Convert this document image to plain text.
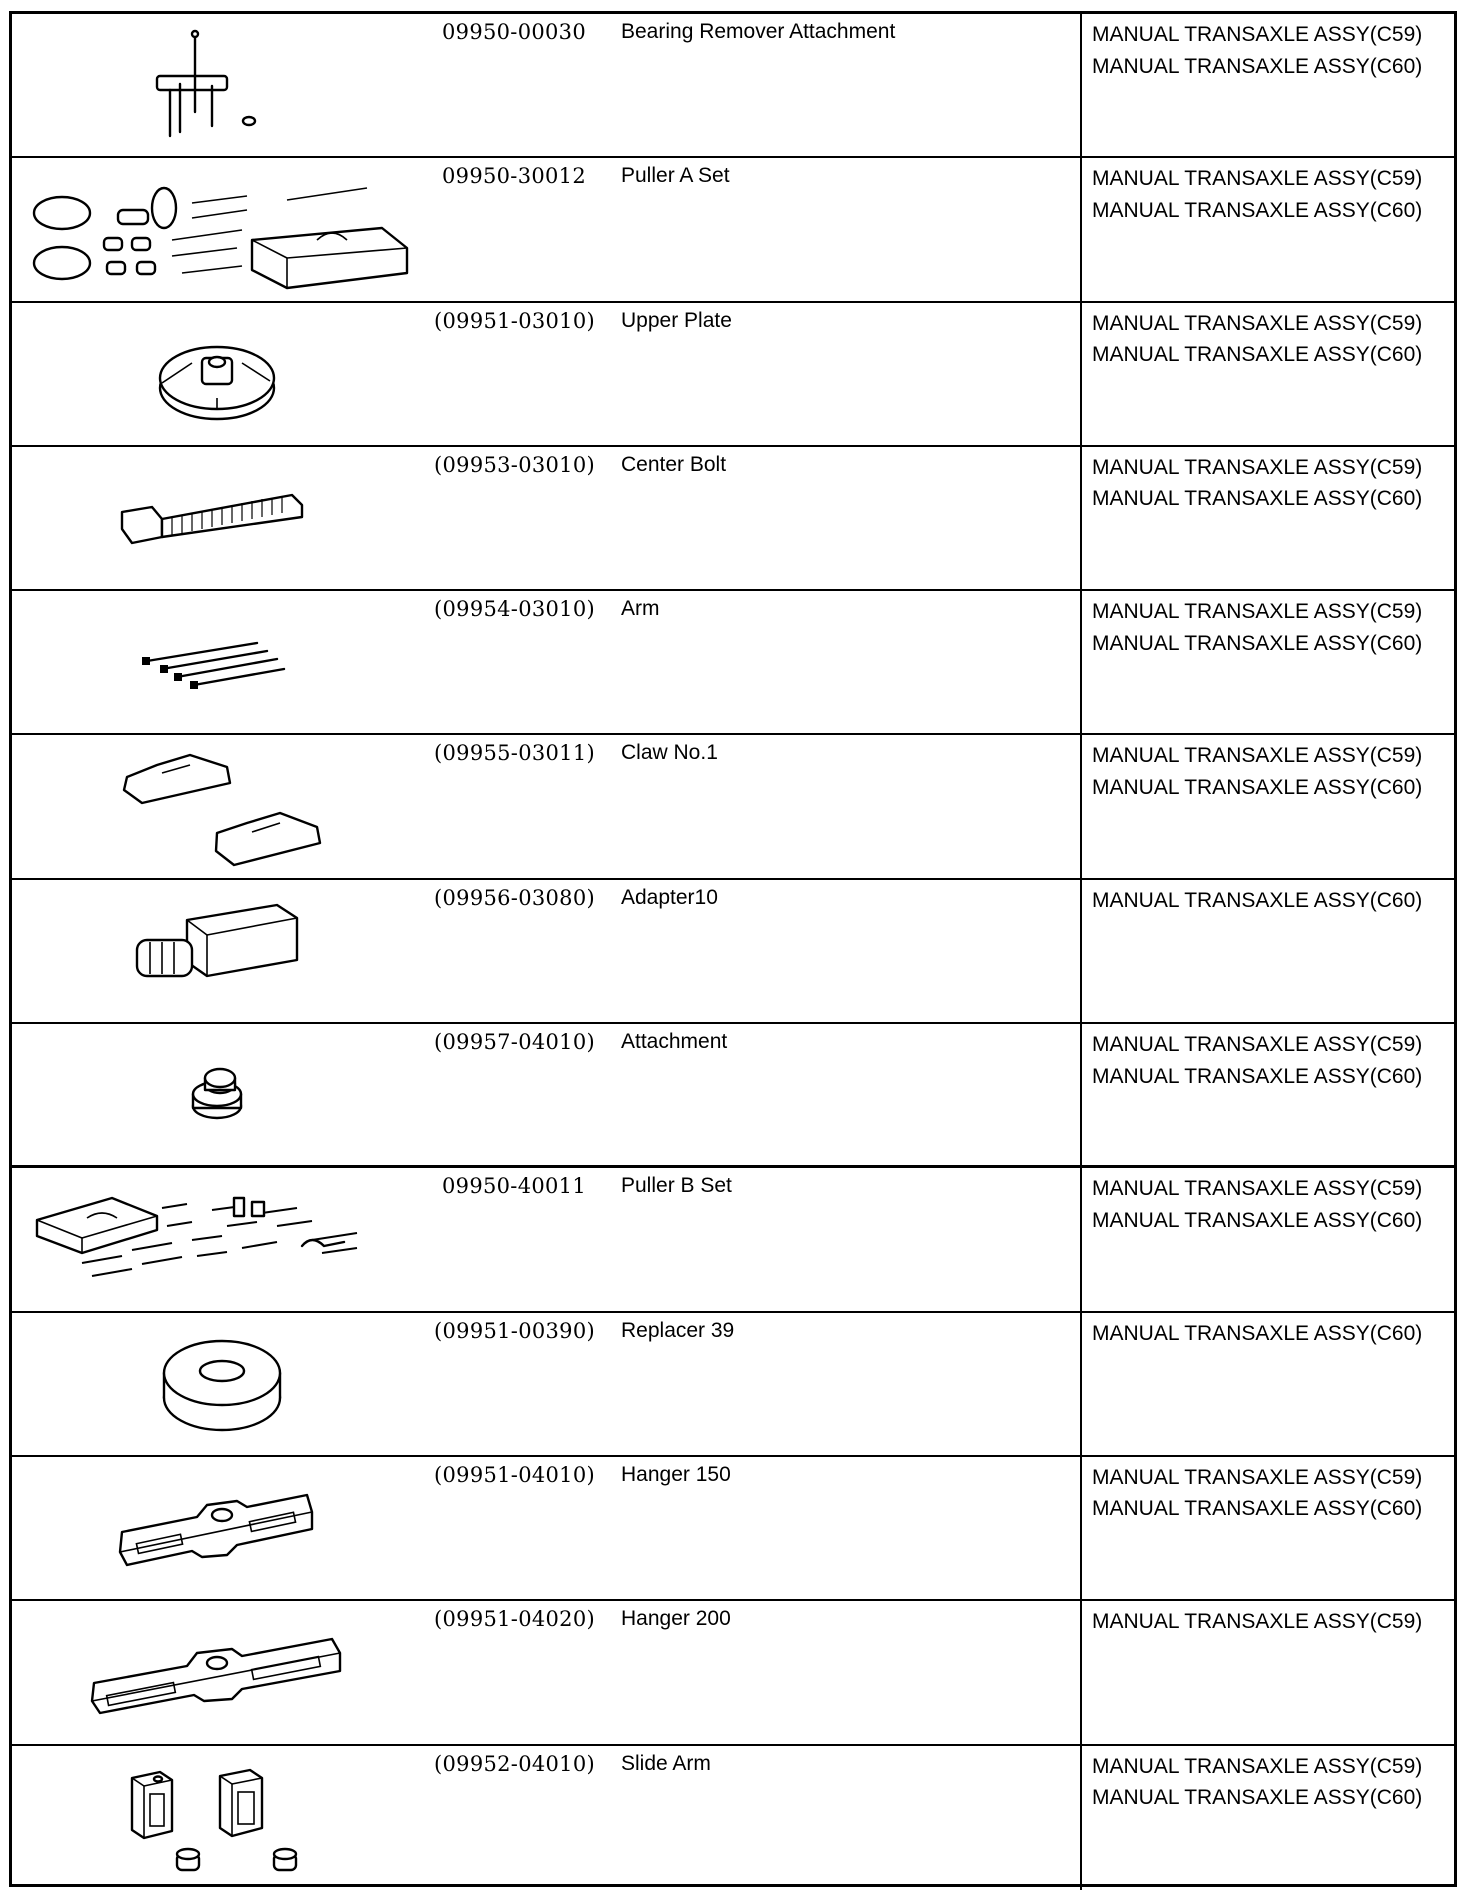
09950-00030	Bearing Remover Attachment	MANUAL TRANSAXLE ASSY(C59)
MANUAL TRANSAXLE ASSY(C60)
09950-30012	Puller A Set	MANUAL TRANSAXLE ASSY(C59)
MANUAL TRANSAXLE ASSY(C60)
(09951-03010)	Upper Plate	MANUAL TRANSAXLE ASSY(C59)
MANUAL TRANSAXLE ASSY(C60)
(09953-03010)	Center Bolt	MANUAL TRANSAXLE ASSY(C59)
MANUAL TRANSAXLE ASSY(C60)
(09954-03010)	Arm	MANUAL TRANSAXLE ASSY(C59)
MANUAL TRANSAXLE ASSY(C60)
(09955-03011)	Claw No.1	MANUAL TRANSAXLE ASSY(C59)
MANUAL TRANSAXLE ASSY(C60)
(09956-03080)	Adapter10	MANUAL TRANSAXLE ASSY(C60)
(09957-04010)	Attachment	MANUAL TRANSAXLE ASSY(C59)
MANUAL TRANSAXLE ASSY(C60)
09950-40011	Puller B Set	MANUAL TRANSAXLE ASSY(C59)
MANUAL TRANSAXLE ASSY(C60)
(09951-00390)	Replacer 39	MANUAL TRANSAXLE ASSY(C60)
(09951-04010)	Hanger 150	MANUAL TRANSAXLE ASSY(C59)
MANUAL TRANSAXLE ASSY(C60)
(09951-04020)	Hanger 200	MANUAL TRANSAXLE ASSY(C59)
(09952-04010)	Slide Arm	MANUAL TRANSAXLE ASSY(C59)
MANUAL TRANSAXLE ASSY(C60)
